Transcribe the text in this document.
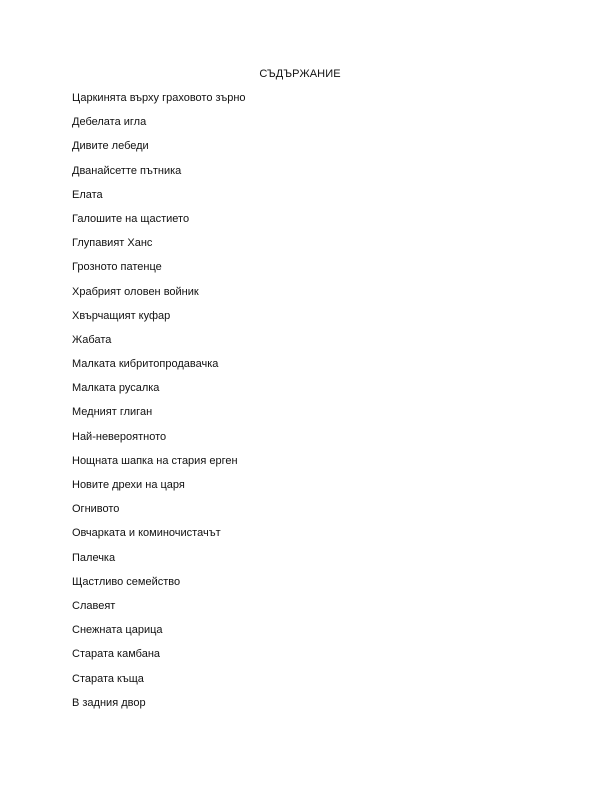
СЪДЪРЖАНИЕ
Царкинята върху граховото зърно
Дебелата игла
Дивите лебеди
Дванайсетте пътника
Елата
Галошите на щастието
Глупавият Ханс
Грозното патенце
Храбрият оловен войник
Хвърчащият куфар
Жабата
Малката кибритопродавачка
Малката русалка
Медният глиган
Най-невероятното
Нощната шапка на стария ерген
Новите дрехи на царя
Огнивото
Овчарката и коминочистачът
Палечка
Щастливо семейство
Славеят
Снежната царица
Старата камбана
Старата къща
В задния двор
